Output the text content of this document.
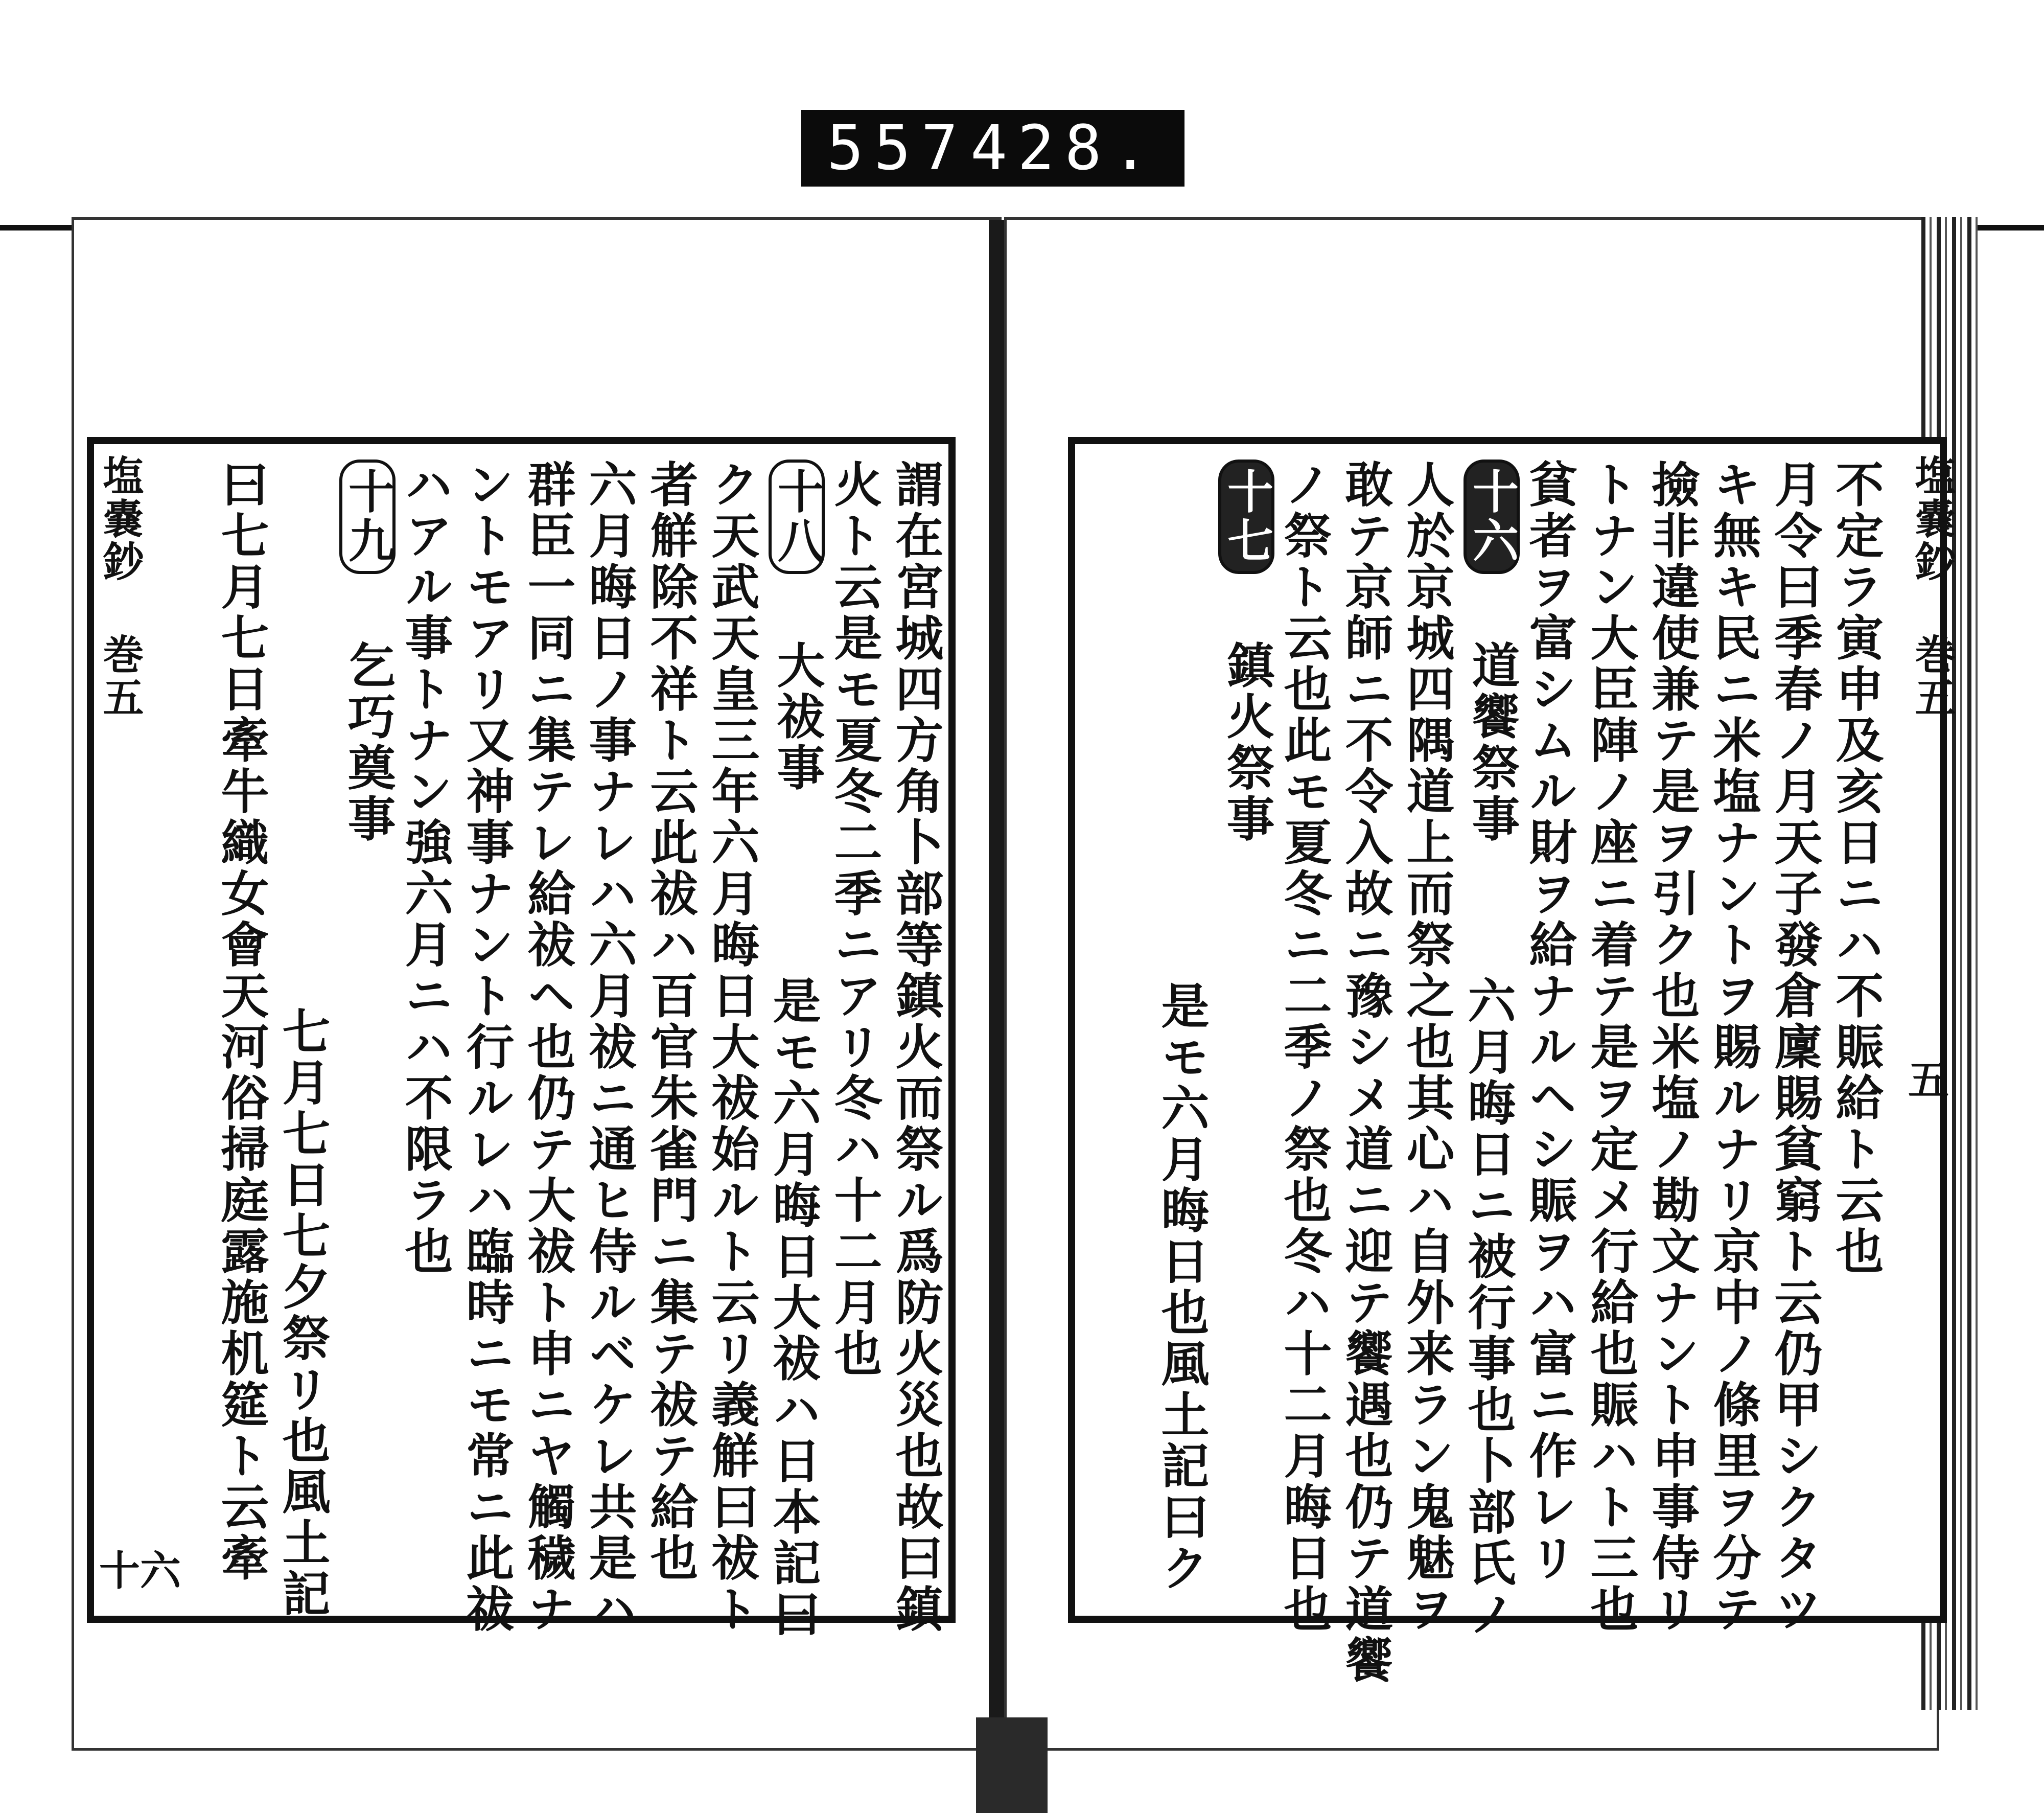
557 428.
塩嚢鈔 巻五
十六	謂在宮城四方角卜部等鎮火而祭ル爲防火災也故曰鎮
火ト云是モ夏冬二季ニアリ冬ハ十二月也
十八 大祓事
是モ六月晦日大祓ハ日本記曰
ク天武天皇三年六月晦日大祓始ルト云リ義觧曰祓ト
者觧除不祥ト云此祓ハ百官朱雀門ニ集テ祓テ給也
六月晦日ノ事ナレハ六月祓ニ通ヒ侍ルベケレ共是ハ
群臣一同ニ集テレ給祓ヘ也仍テ大祓ト申ニヤ觸穢ナ
ントモアリ又神事ナント行ルレハ臨時ニモ常ニ此祓
ハアル事トナン強六月ニハ不限ラ也
十九 乞巧奠事
七月七日七夕祭リ也風土記
曰七月七日牽牛織女會天河俗掃庭露施机筵ト云牽	塩嚢鈔 巻五
五
不定ラ寅申及亥日ニハ不賑給ト云也
月令曰季春ノ月天子發倉廩賜貧窮ト云仍甲シクタツ
キ無キ民ニ米塩ナントヲ賜ルナリ京中ノ條里ヲ分テ
撿非違使兼テ是ヲ引ク也米塩ノ勘文ナント申事侍リ
トナン大臣陣ノ座ニ着テ是ヲ定メ行給也賑ハト三也
貧者ヲ富シムル財ヲ給ナルヘシ賑ヲハ富ニ作レリ
十六 道饗祭事
六月晦日ニ被行事也卜部氏ノ
人於京城四隅道上而祭之也其心ハ自外来ラン鬼魅ヲ
敢テ京師ニ不令入故ニ豫シメ道ニ迎テ饗遇也仍テ道饗
ノ祭ト云也此モ夏冬ニ二季ノ祭也冬ハ十二月晦日也
十七 鎮火祭事
是モ六月晦日也風土記曰ク
